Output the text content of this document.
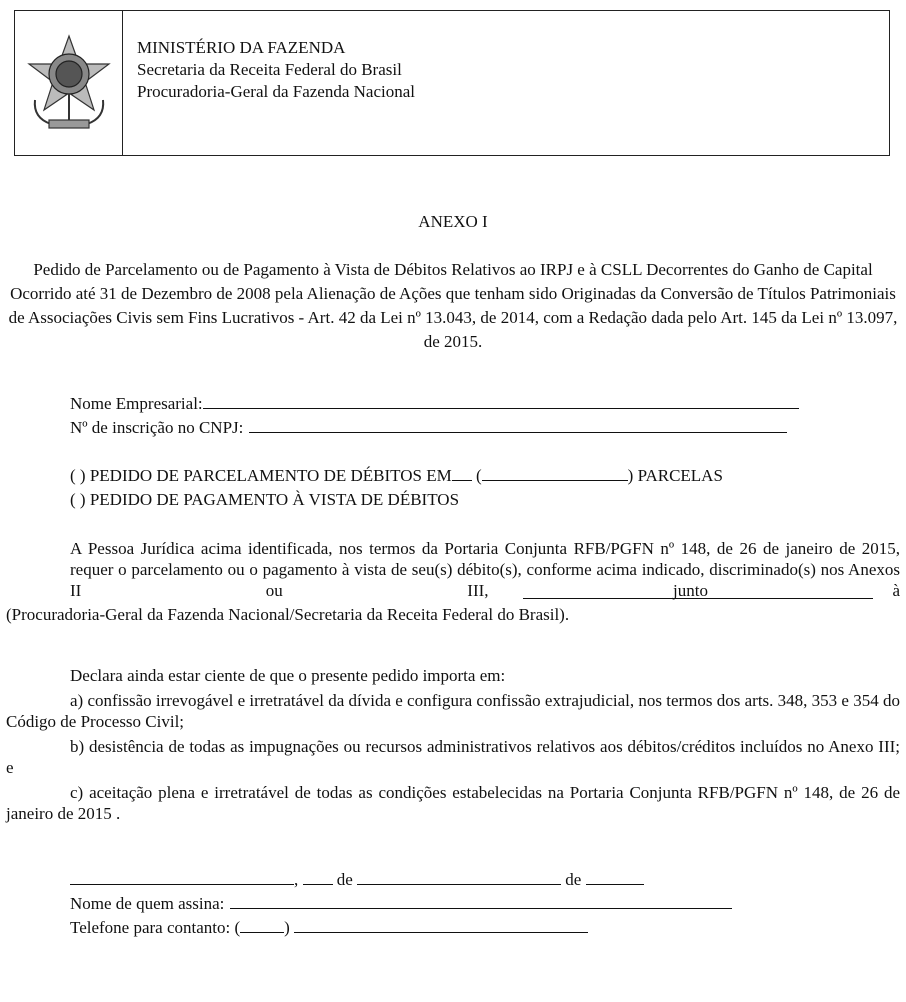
MINISTÉRIO DA FAZENDA
Secretaria da Receita Federal do Brasil
Procuradoria-Geral da Fazenda Nacional
ANEXO I
Pedido de Parcelamento ou de Pagamento à Vista de Débitos Relativos ao IRPJ e à CSLL Decorrentes do Ganho de Capital Ocorrido até 31 de Dezembro de 2008 pela Alienação de Ações que tenham sido Originadas da Conversão de Títulos Patrimoniais de Associações Civis sem Fins Lucrativos - Art. 42 da Lei nº 13.043, de 2014, com a Redação dada pelo Art. 145 da Lei nº 13.097, de 2015.
Nome Empresarial:
Nº de inscrição no CNPJ:
( ) PEDIDO DE PARCELAMENTO DE DÉBITOS EM (	) PARCELAS
( ) PEDIDO DE PAGAMENTO À VISTA DE DÉBITOS

A Pessoa Jurídica acima identificada, nos termos da Portaria Conjunta RFB/PGFN nº 148, de 26 de janeiro de 2015, requer o parcelamento ou o pagamento à vista de seu(s) débito(s), conforme acima indicado, discriminado(s) nos Anexos II ou III, junto à

(Procuradoria-Geral da Fazenda Nacional/Secretaria da Receita Federal do Brasil).

Declara ainda estar ciente de que o presente pedido importa em:

a) confissão irrevogável e irretratável da dívida e configura confissão extrajudicial, nos termos dos arts. 348, 353 e 354 do Código de Processo Civil;

b) desistência de todas as impugnações ou recursos administrativos relativos aos débitos/créditos incluídos no Anexo III; e

c) aceitação plena e irretratável de todas as condições estabelecidas na Portaria Conjunta RFB/PGFN nº 148, de 26 de janeiro de 2015 .

, de	de
Nome de quem assina:
Telefone para contanto: (	)
